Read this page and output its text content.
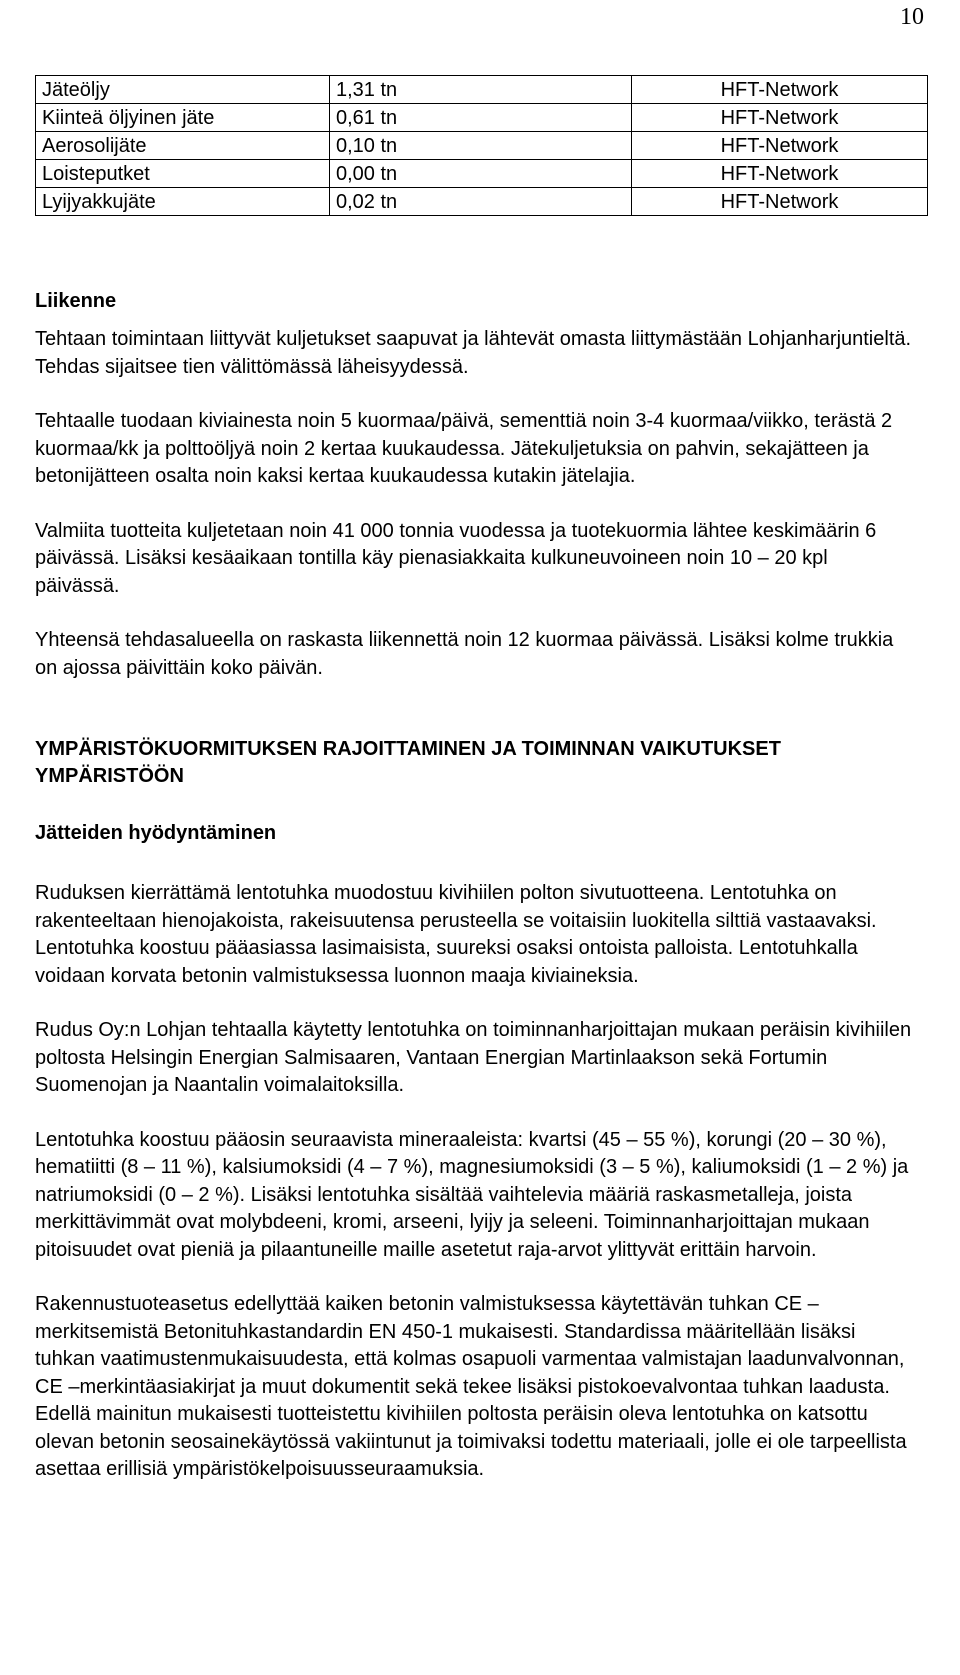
10
Jäteöljy	1,31 tn	HFT-Network
Kiinteä öljyinen jäte	0,61 tn	HFT-Network
Aerosolijäte	0,10 tn	HFT-Network
Loisteputket	0,00 tn	HFT-Network
Lyijyakkujäte	0,02 tn	HFT-Network
Liikenne

Tehtaan toimintaan liittyvät kuljetukset saapuvat ja lähtevät omasta liittymästään Lohjanharjuntieltä. Tehdas sijaitsee tien välittömässä läheisyydessä.

Tehtaalle tuodaan kiviainesta noin 5 kuormaa/päivä, sementtiä noin 3-4 kuormaa/viikko, terästä 2 kuormaa/kk ja polttoöljyä noin 2 kertaa kuukaudessa. Jätekuljetuksia on pahvin, sekajätteen ja betonijätteen osalta noin kaksi kertaa kuukaudessa kutakin jätelajia.

Valmiita tuotteita kuljetetaan noin 41 000 tonnia vuodessa ja tuotekuormia lähtee keskimäärin 6 päivässä. Lisäksi kesäaikaan tontilla käy pienasiakkaita kulkuneuvoineen noin 10 – 20 kpl päivässä.

Yhteensä tehdasalueella on raskasta liikennettä noin 12 kuormaa päivässä. Lisäksi kolme trukkia on ajossa päivittäin koko päivän.

YMPÄRISTÖKUORMITUKSEN RAJOITTAMINEN JA TOIMINNAN VAIKUTUKSET YMPÄRISTÖÖN
Jätteiden hyödyntäminen

Ruduksen kierrättämä lentotuhka muodostuu kivihiilen polton sivutuotteena. Lentotuhka on rakenteeltaan hienojakoista, rakeisuutensa perusteella se voitaisiin luokitella silttiä vastaavaksi. Lentotuhka koostuu pääasiassa lasimaisista, suureksi osaksi ontoista palloista. Lentotuhkalla voidaan korvata betonin valmistuksessa luonnon maaja kiviaineksia.

Rudus Oy:n Lohjan tehtaalla käytetty lentotuhka on toiminnanharjoittajan mukaan peräisin kivihiilen poltosta Helsingin Energian Salmisaaren, Vantaan Energian Martinlaakson sekä Fortumin Suomenojan ja Naantalin voimalaitoksilla.

Lentotuhka koostuu pääosin seuraavista mineraaleista: kvartsi (45 – 55 %), korungi (20 – 30 %), hematiitti (8 – 11 %), kalsiumoksidi (4 – 7 %), magnesiumoksidi (3 – 5 %), kaliumoksidi (1 – 2 %) ja natriumoksidi (0 – 2 %). Lisäksi lentotuhka sisältää vaihtelevia määriä raskasmetalleja, joista merkittävimmät ovat molybdeeni, kromi, arseeni, lyijy ja seleeni. Toiminnanharjoittajan mukaan pitoisuudet ovat pieniä ja pilaantuneille maille asetetut raja-arvot ylittyvät erittäin harvoin.

Rakennustuoteasetus edellyttää kaiken betonin valmistuksessa käytettävän tuhkan CE – merkitsemistä Betonituhkastandardin EN 450-1 mukaisesti. Standardissa määritellään lisäksi tuhkan vaatimustenmukaisuudesta, että kolmas osapuoli varmentaa valmistajan laadunvalvonnan, CE –merkintäasiakirjat ja muut dokumentit sekä tekee lisäksi pistokoevalvontaa tuhkan laadusta. Edellä mainitun mukaisesti tuotteistettu kivihiilen poltosta peräisin oleva lentotuhka on katsottu olevan betonin seosainekäytössä vakiintunut ja toimivaksi todettu materiaali, jolle ei ole tarpeellista asettaa erillisiä ympäristökelpoisuusseuraamuksia.
